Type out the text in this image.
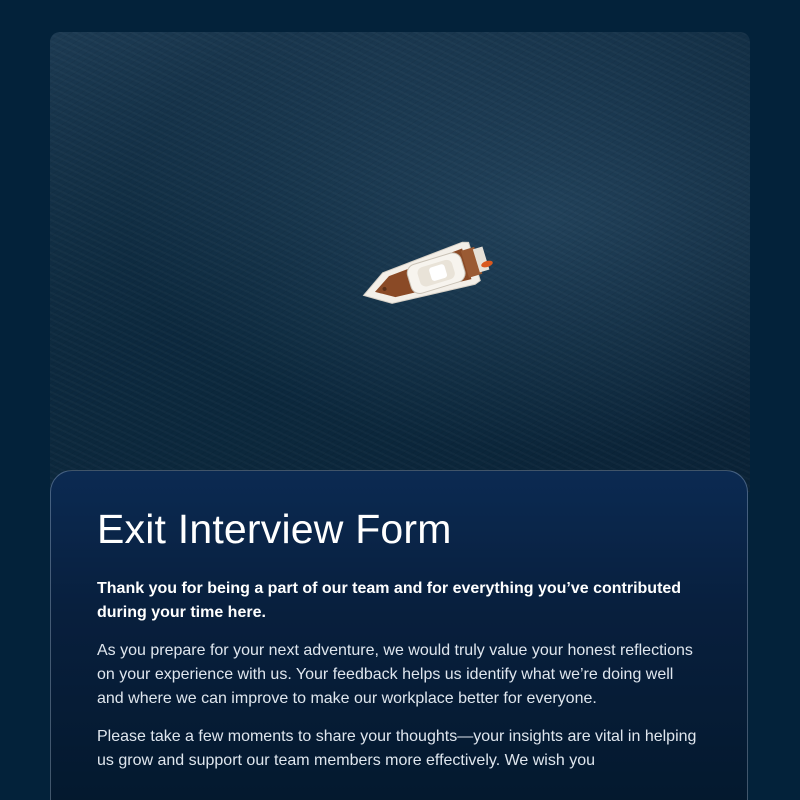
Exit Interview Form

Thank you for being a part of our team and for everything you’ve contributed during your time here.

As you prepare for your next adventure, we would truly value your honest reflections on your experience with us. Your feedback helps us identify what we’re doing well and where we can improve to make our workplace better for everyone.

Please take a few moments to share your thoughts—your insights are vital in helping us grow and support our team members more effectively. We wish you
